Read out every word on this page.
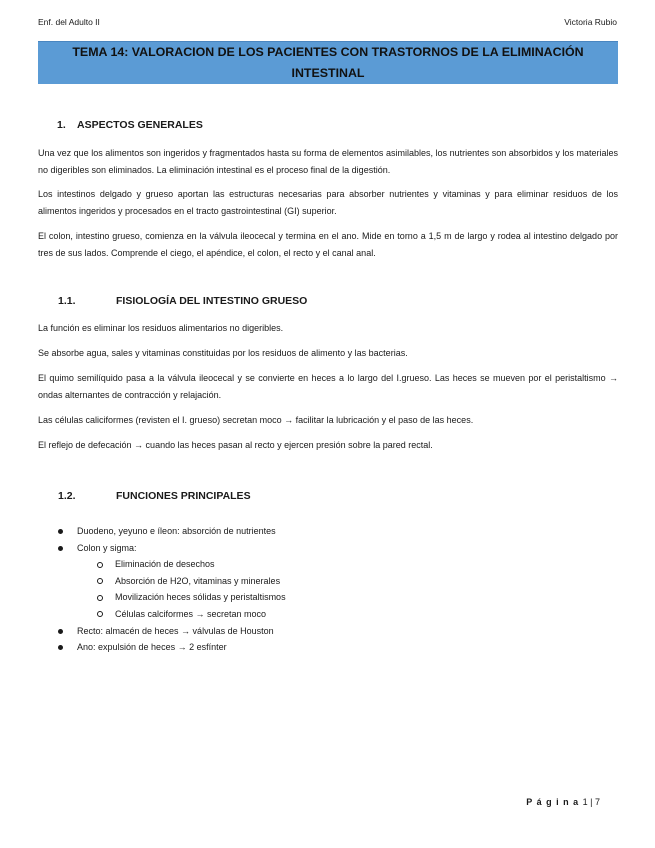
Enf. del Adulto II	Victoria Rubio
TEMA 14: VALORACION DE LOS PACIENTES CON TRASTORNOS DE LA ELIMINACIÓN
INTESTINAL
1. ASPECTOS GENERALES
Una vez que los alimentos son ingeridos y fragmentados hasta su forma de elementos asimilables, los nutrientes son absorbidos y los materiales no digeribles son eliminados. La eliminación intestinal es el proceso final de la digestión.
Los intestinos delgado y grueso aportan las estructuras necesarias para absorber nutrientes y vitaminas y para eliminar residuos de los alimentos ingeridos y procesados en el tracto gastrointestinal (GI) superior.
El colon, intestino grueso, comienza en la válvula ileocecal y termina en el ano. Mide en torno a 1,5 m de largo y rodea al intestino delgado por tres de sus lados. Comprende el ciego, el apéndice, el colon, el recto y el canal anal.
1.1.	FISIOLOGÍA DEL INTESTINO GRUESO
La función es eliminar los residuos alimentarios no digeribles.
Se absorbe agua, sales y vitaminas constituidas por los residuos de alimento y las bacterias.
El quimo semilíquido pasa a la válvula ileocecal y se convierte en heces a lo largo del I.grueso. Las heces se mueven por el peristaltismo → ondas alternantes de contracción y relajación.
Las células caliciformes (revisten el I. grueso) secretan moco → facilitar la lubricación y el paso de las heces.
El reflejo de defecación → cuando las heces pasan al recto y ejercen presión sobre la pared rectal.
1.2.	FUNCIONES PRINCIPALES
Duodeno, yeyuno e íleon: absorción de nutrientes
Colon y sigma:
Eliminación de desechos
Absorción de H2O, vitaminas y minerales
Movilización heces sólidas y peristaltismos
Células calciformes → secretan moco
Recto: almacén de heces → válvulas de Houston
Ano: expulsión de heces → 2 esfínter
P á g i n a 1 | 7
